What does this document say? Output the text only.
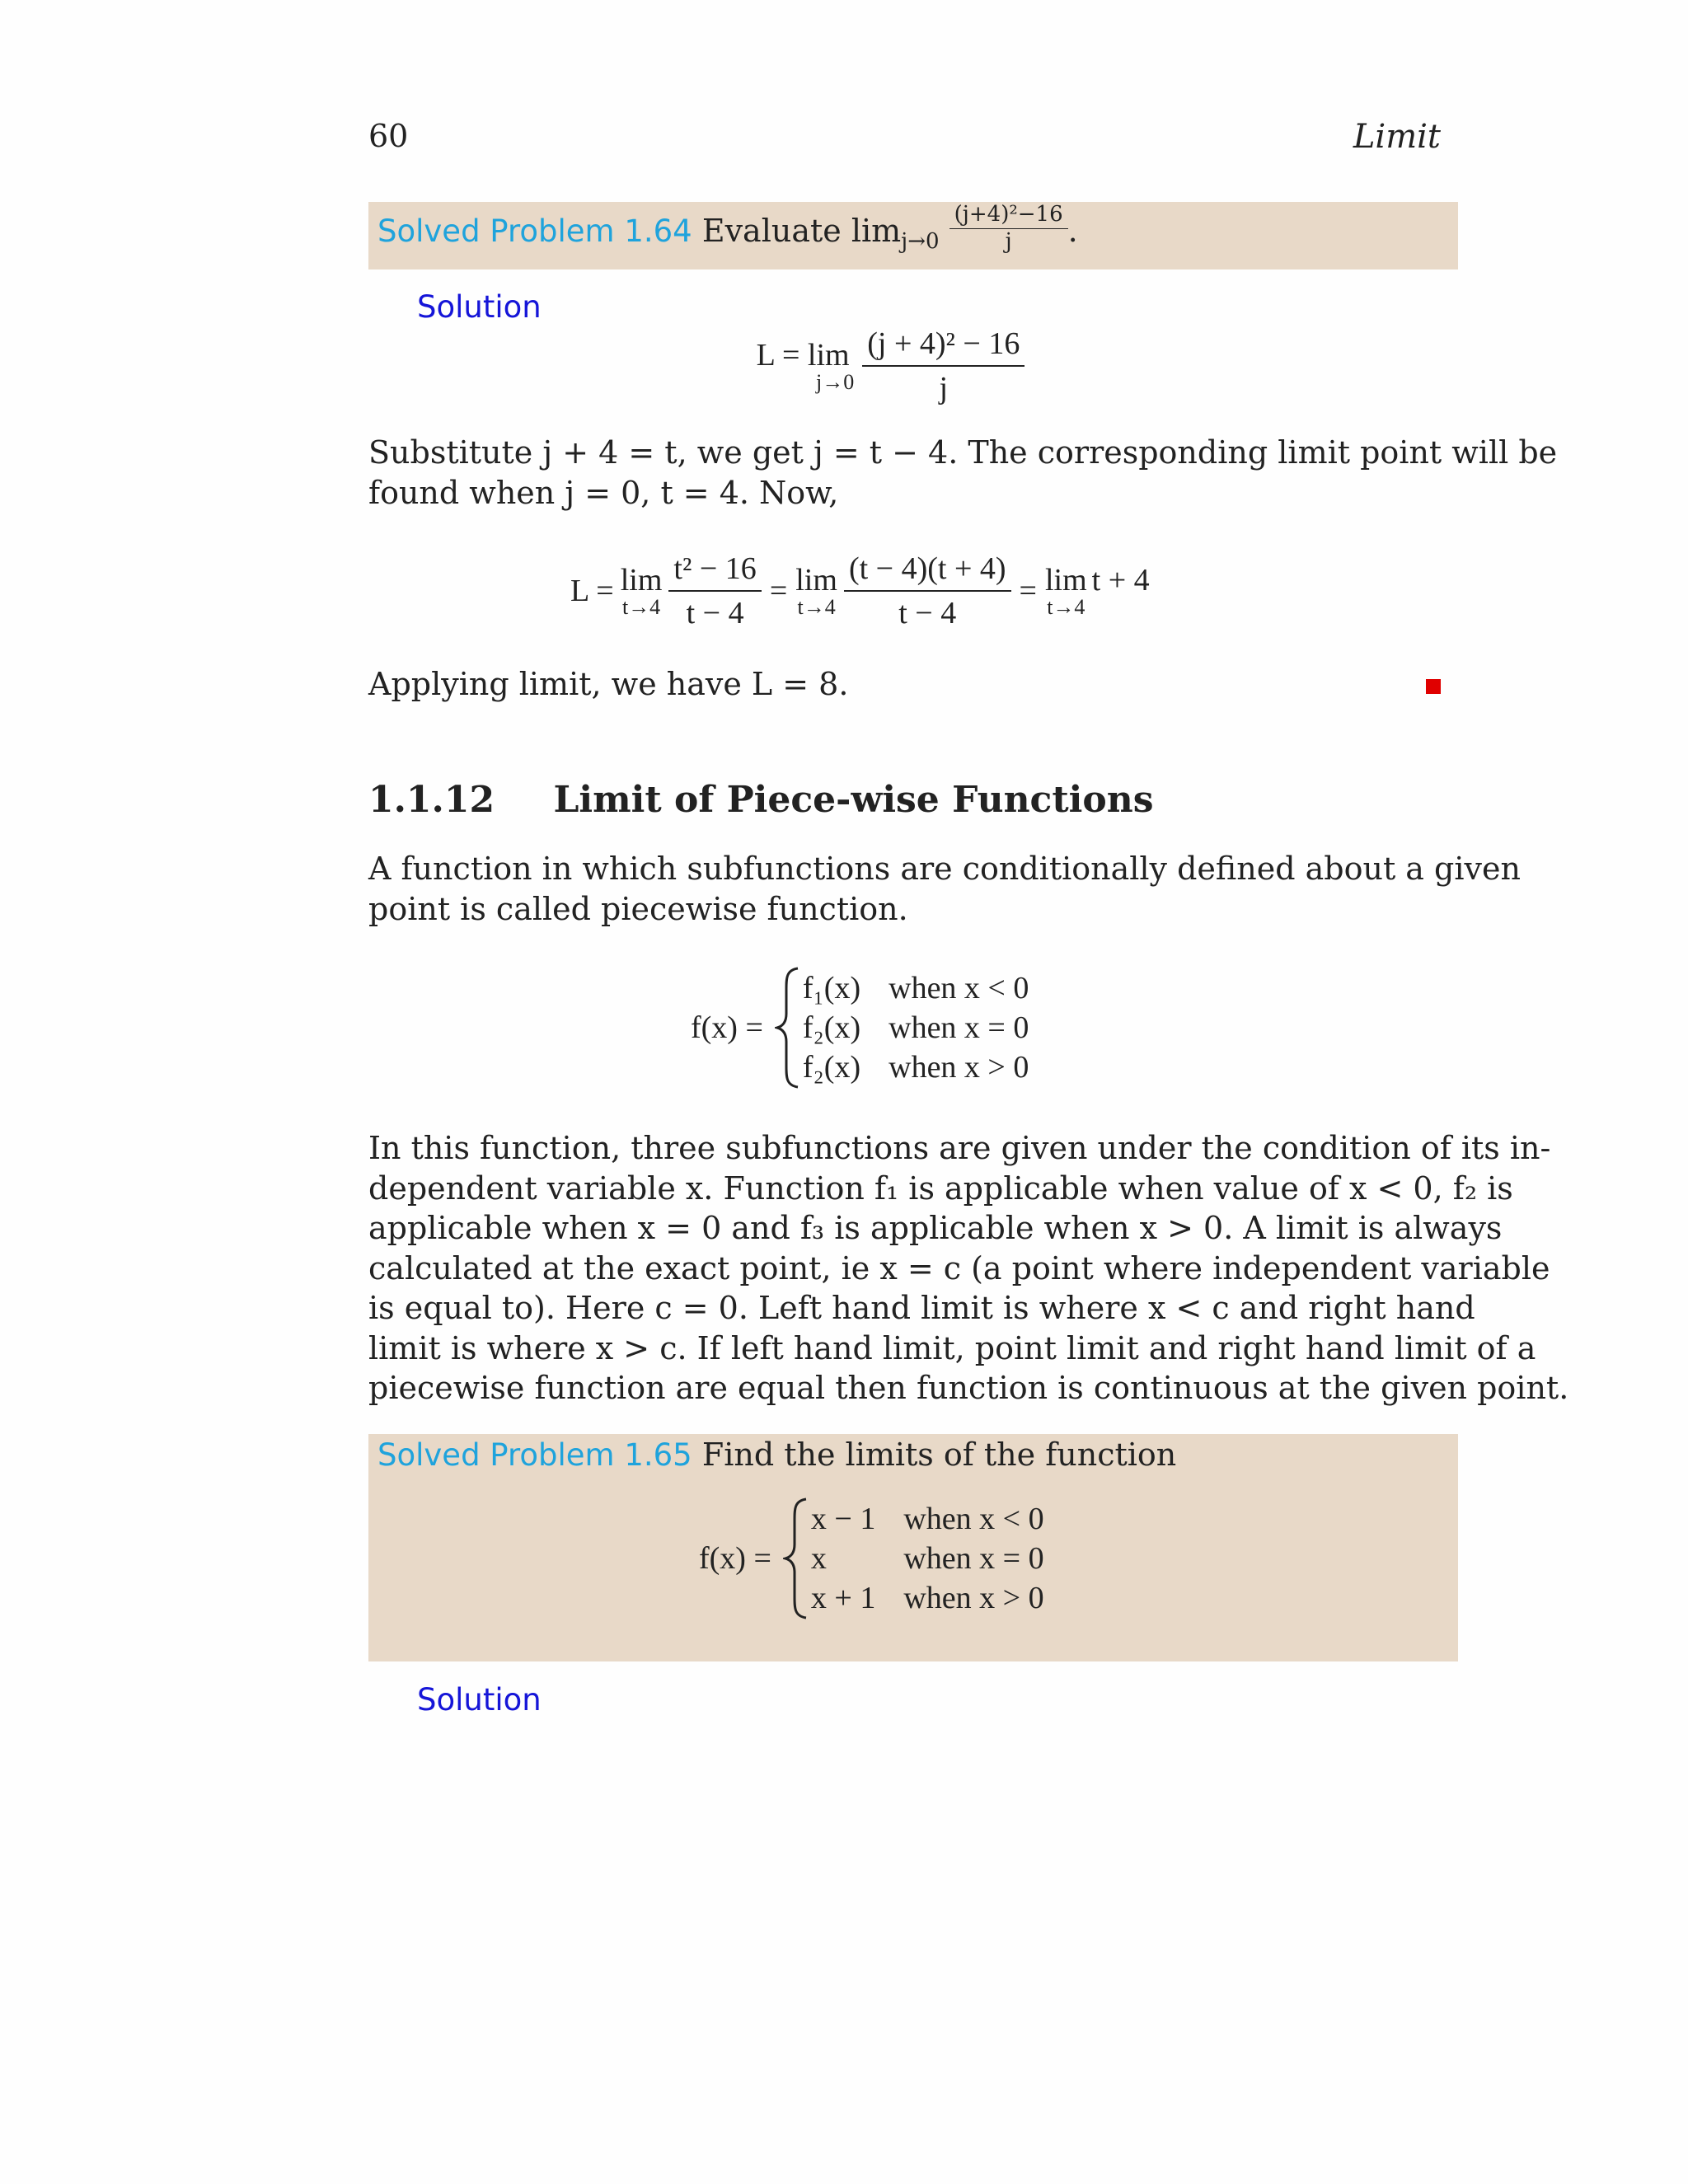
60	Limit
Solved Problem 1.64 Evaluate $\lim _{j\to 0} \frac{\text{(j+4)²−16}}{j}$ .
Solution
L = lim
$j\to 0 \frac{\text{(j + 4)² − 16}}{j}$
Substitute j + 4 = t, we get j = t − 4. The corresponding limit point will be
found when j = 0, t = 4. Now,
L = lim
$t\to 4 \frac{\text{t² − 16}}{t - 4} = \lim$
$t\to 4 \frac{(t - 4)(t + 4)}{t - 4} = \lim$
t→4
t + 4
Applying limit, we have L = 8.
1.1.12 Limit of Piece-wise Functions
A function in which subfunctions are conditionally defined about a given
point is called piecewise function.
f(x) =
f₁(x)	when x < 0
f₂(x)	when x = 0
f₂(x)	when x > 0
In this function, three subfunctions are given under the condition of its in-
dependent variable x. Function f₁ is applicable when value of x < 0, f₂ is
applicable when x = 0 and f₃ is applicable when x > 0. A limit is always
calculated at the exact point, ie x = c (a point where independent variable
is equal to). Here c = 0. Left hand limit is where x < c and right hand
limit is where x > c. If left hand limit, point limit and right hand limit of a
piecewise function are equal then function is continuous at the given point.
Solved Problem 1.65 Find the limits of the function
f(x) =
x − 1	when x < 0
x	when x = 0
x + 1	when x > 0
Solution
